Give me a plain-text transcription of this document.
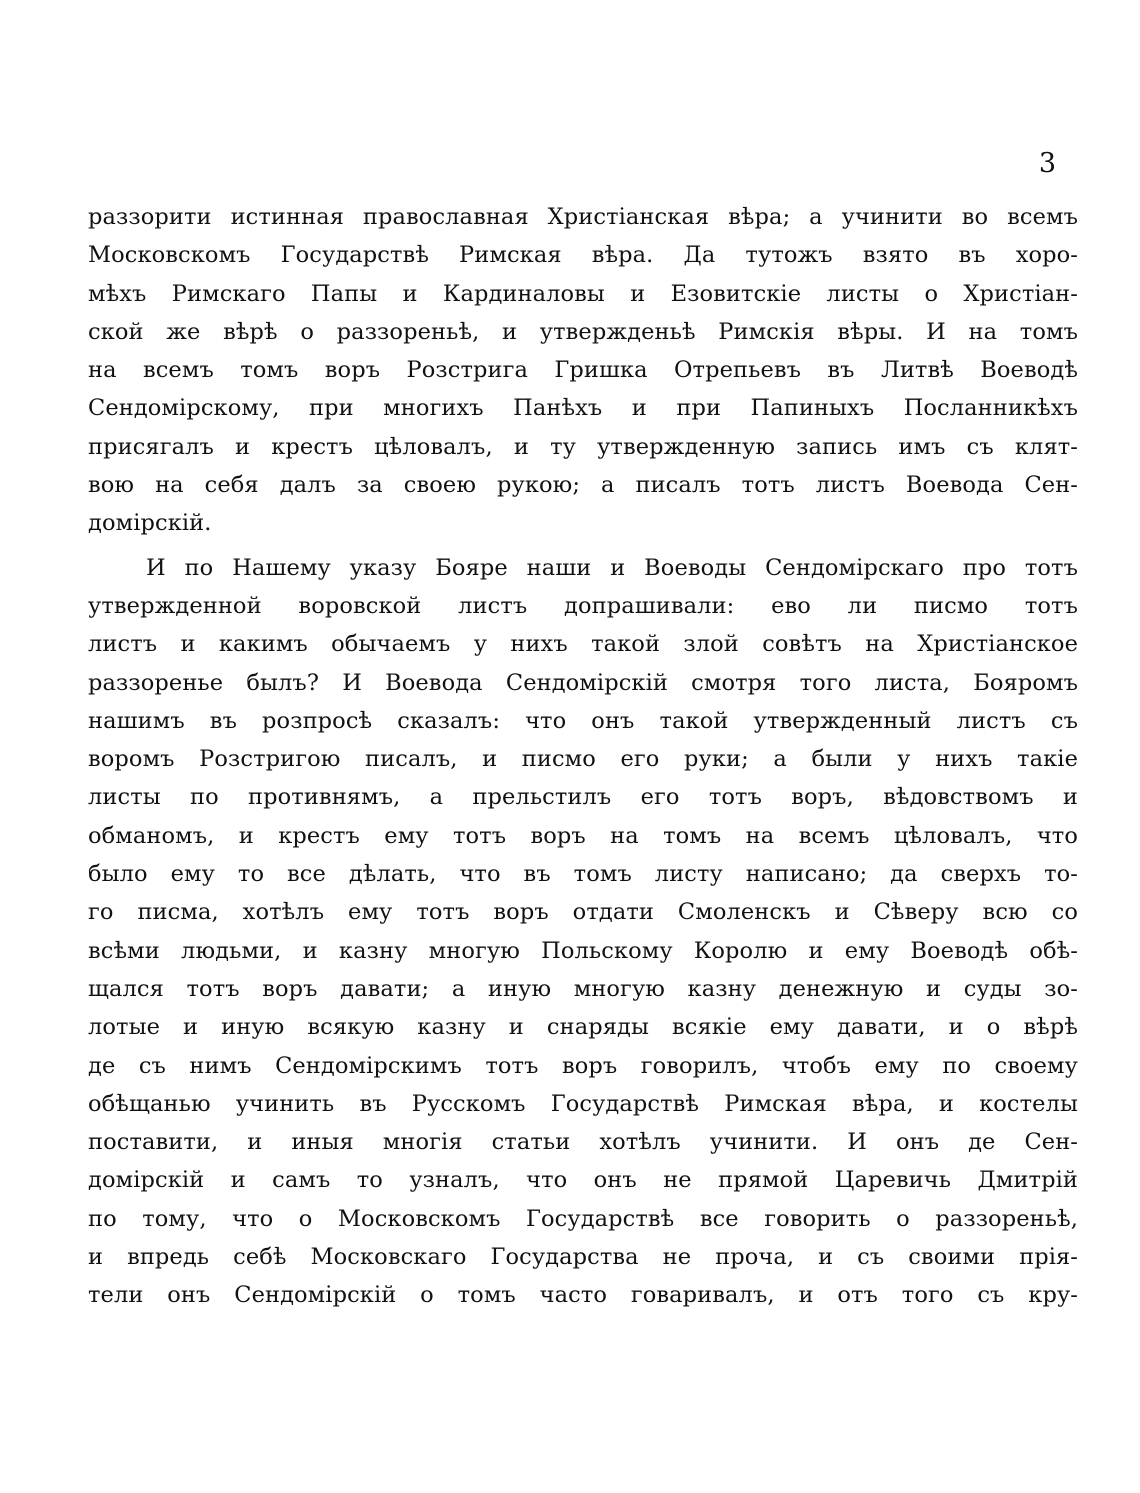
3
раззорити истинная православная Христіанская вѣра; а учинити во всемъ
Московскомъ Государствѣ Римская вѣра. Да тутожъ взято въ хоро-
мѣхъ Римскаго Папы и Кардиналовы и Езовитскіе листы о Христіан-
ской же вѣрѣ о раззореньѣ, и утвержденьѣ Римскія вѣры. И на томъ
на всемъ томъ воръ Розстрига Гришка Отрепьевъ въ Литвѣ Воеводѣ
Сендомірскому, при многихъ Панѣхъ и при Папиныхъ Посланникѣхъ
присягалъ и крестъ цѣловалъ, и ту утвержденную запись имъ съ клят-
вою на себя далъ за своею рукою; а писалъ тотъ листъ Воевода Сен-
домірскій.
И по Нашему указу Бояре наши и Воеводы Сендомірскаго про тотъ
утвержденной воровской листъ допрашивали: ево ли писмо тотъ
листъ и какимъ обычаемъ у нихъ такой злой совѣтъ на Христіанское
раззоренье былъ? И Воевода Сендомірскій смотря того листа, Бояромъ
нашимъ въ розпросѣ сказалъ: что онъ такой утвержденный листъ съ
воромъ Розстригою писалъ, и писмо его руки; а были у нихъ такіе
листы по противнямъ, а прельстилъ его тотъ воръ, вѣдовствомъ и
обманомъ, и крестъ ему тотъ воръ на томъ на всемъ цѣловалъ, что
было ему то все дѣлать, что въ томъ листу написано; да сверхъ то-
го писма, хотѣлъ ему тотъ воръ отдати Смоленскъ и Сѣверу всю со
всѣми людьми, и казну многую Польскому Королю и ему Воеводѣ обѣ-
щался тотъ воръ давати; а иную многую казну денежную и суды зо-
лотые и иную всякую казну и снаряды всякіе ему давати, и о вѣрѣ
де съ нимъ Сендомірскимъ тотъ воръ говорилъ, чтобъ ему по своему
обѣщанью учинить въ Русскомъ Государствѣ Римская вѣра, и костелы
поставити, и иныя многія статьи хотѣлъ учинити. И онъ де Сен-
домірскій и самъ то узналъ, что онъ не прямой Царевичь Дмитрій
по тому, что о Московскомъ Государствѣ все говорить о раззореньѣ,
и впредь себѣ Московскаго Государства не проча, и съ своими прія-
тели онъ Сендомірскій о томъ часто говаривалъ, и отъ того съ кру-
